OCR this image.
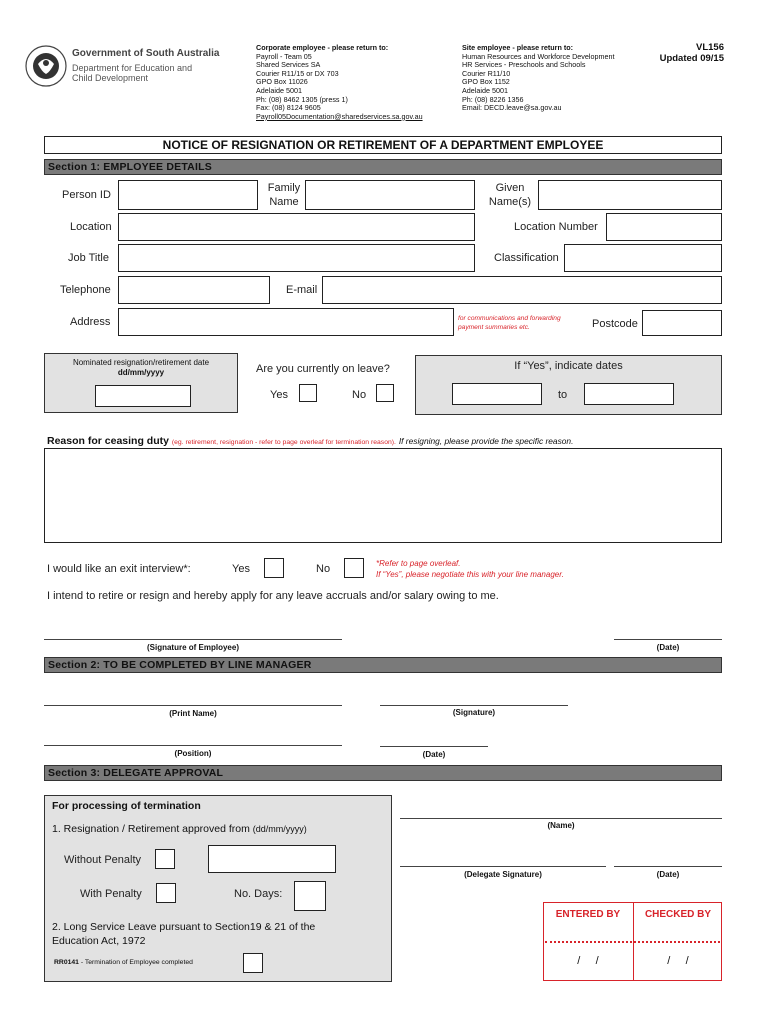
Government of South Australia
Department for Education and
Child Development
Corporate employee - please return to:
Payroll - Team 05
Shared Services SA
Courier R11/15 or DX 703
GPO Box 11026
Adelaide 5001
Ph: (08) 8462 1305 (press 1)
Fax: (08) 8124 9605
Payroll05Documentation@sharedservices.sa.gov.au
Site employee - please return to:
Human Resources and Workforce Development
HR Services - Preschools and Schools
Courier R11/10
GPO Box 1152
Adelaide 5001
Ph: (08) 8226 1356
Email: DECD.leave@sa.gov.au
VL156
Updated 09/15
NOTICE OF RESIGNATION OR RETIREMENT OF A DEPARTMENT EMPLOYEE
Section 1: EMPLOYEE DETAILS
Person ID
Family
Name
Given
Name(s)
Location	Location Number
Job Title	Classification
Telephone	E-mail
Address	for communications and forwarding
payment summaries etc.	Postcode
Nominated resignation/retirement date
dd/mm/yyyy	Are you currently on leave?
Yes	No
If “Yes”, indicate dates
to
Reason for ceasing duty (eg. retirement, resignation - refer to page overleaf for termination reason). If resigning, please provide the specific reason.
I would like an exit interview*:	Yes	No	*Refer to page overleaf.
If “Yes”, please negotiate this with your line manager.
I intend to retire or resign and hereby apply for any leave accruals and/or salary owing to me.
(Signature of Employee)	(Date)
Section 2: TO BE COMPLETED BY LINE MANAGER
(Print Name)	(Signature)
(Position)	(Date)
Section 3: DELEGATE APPROVAL
For processing of termination
1. Resignation / Retirement approved from (dd/mm/yyyy)
Without Penalty
With Penalty	No. Days:
2. Long Service Leave pursuant to Section19 & 21 of the
Education Act, 1972
RR0141 - Termination of Employee completed
(Name)
(Delegate Signature)	(Date)
ENTERED BY	CHECKED BY
/     /	/     /
